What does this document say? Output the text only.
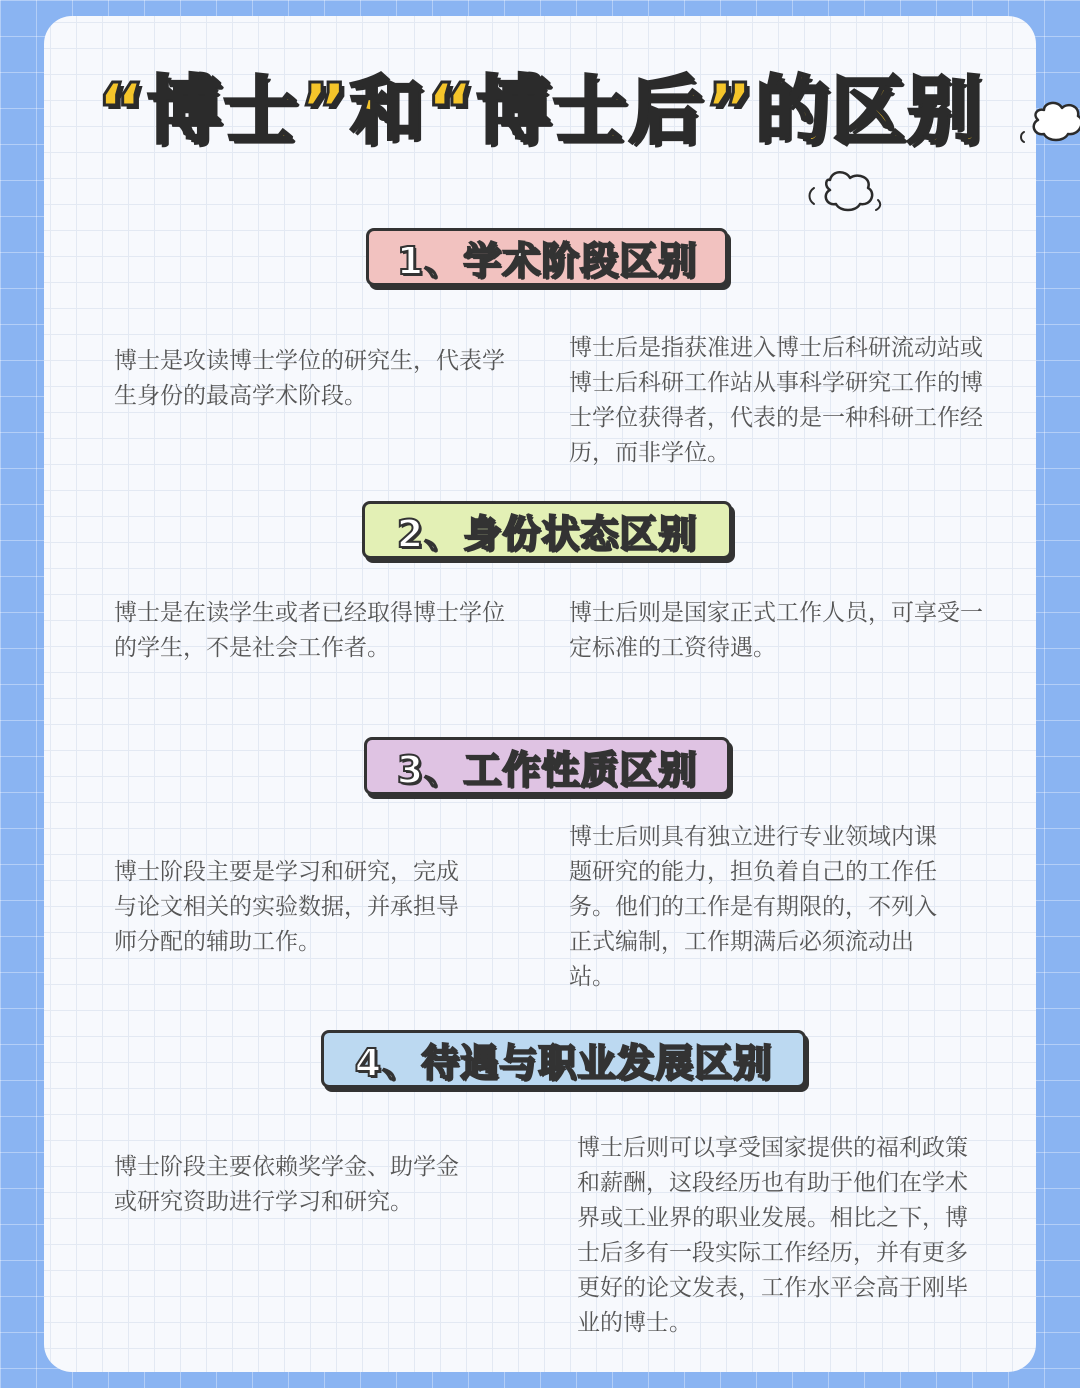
“博士”和“博士后”的区别
1、学术阶段区别

博士是攻读博士学位的研究生，代表学生身份的最高学术阶段。

博士后是指获准进入博士后科研流动站或博士后科研工作站从事科学研究工作的博士学位获得者，代表的是一种科研工作经历，而非学位。

2、身份状态区别

博士是在读学生或者已经取得博士学位的学生，不是社会工作者。

博士后则是国家正式工作人员，可享受一定标准的工资待遇。

3、工作性质区别

博士阶段主要是学习和研究，完成与论文相关的实验数据，并承担导师分配的辅助工作。

博士后则具有独立进行专业领域内课题研究的能力，担负着自己的工作任务。他们的工作是有期限的，不列入正式编制，工作期满后必须流动出站。

4、待遇与职业发展区别

博士阶段主要依赖奖学金、助学金或研究资助进行学习和研究。

博士后则可以享受国家提供的福利政策和薪酬，这段经历也有助于他们在学术界或工业界的职业发展。相比之下，博士后多有一段实际工作经历，并有更多更好的论文发表，工作水平会高于刚毕业的博士。
